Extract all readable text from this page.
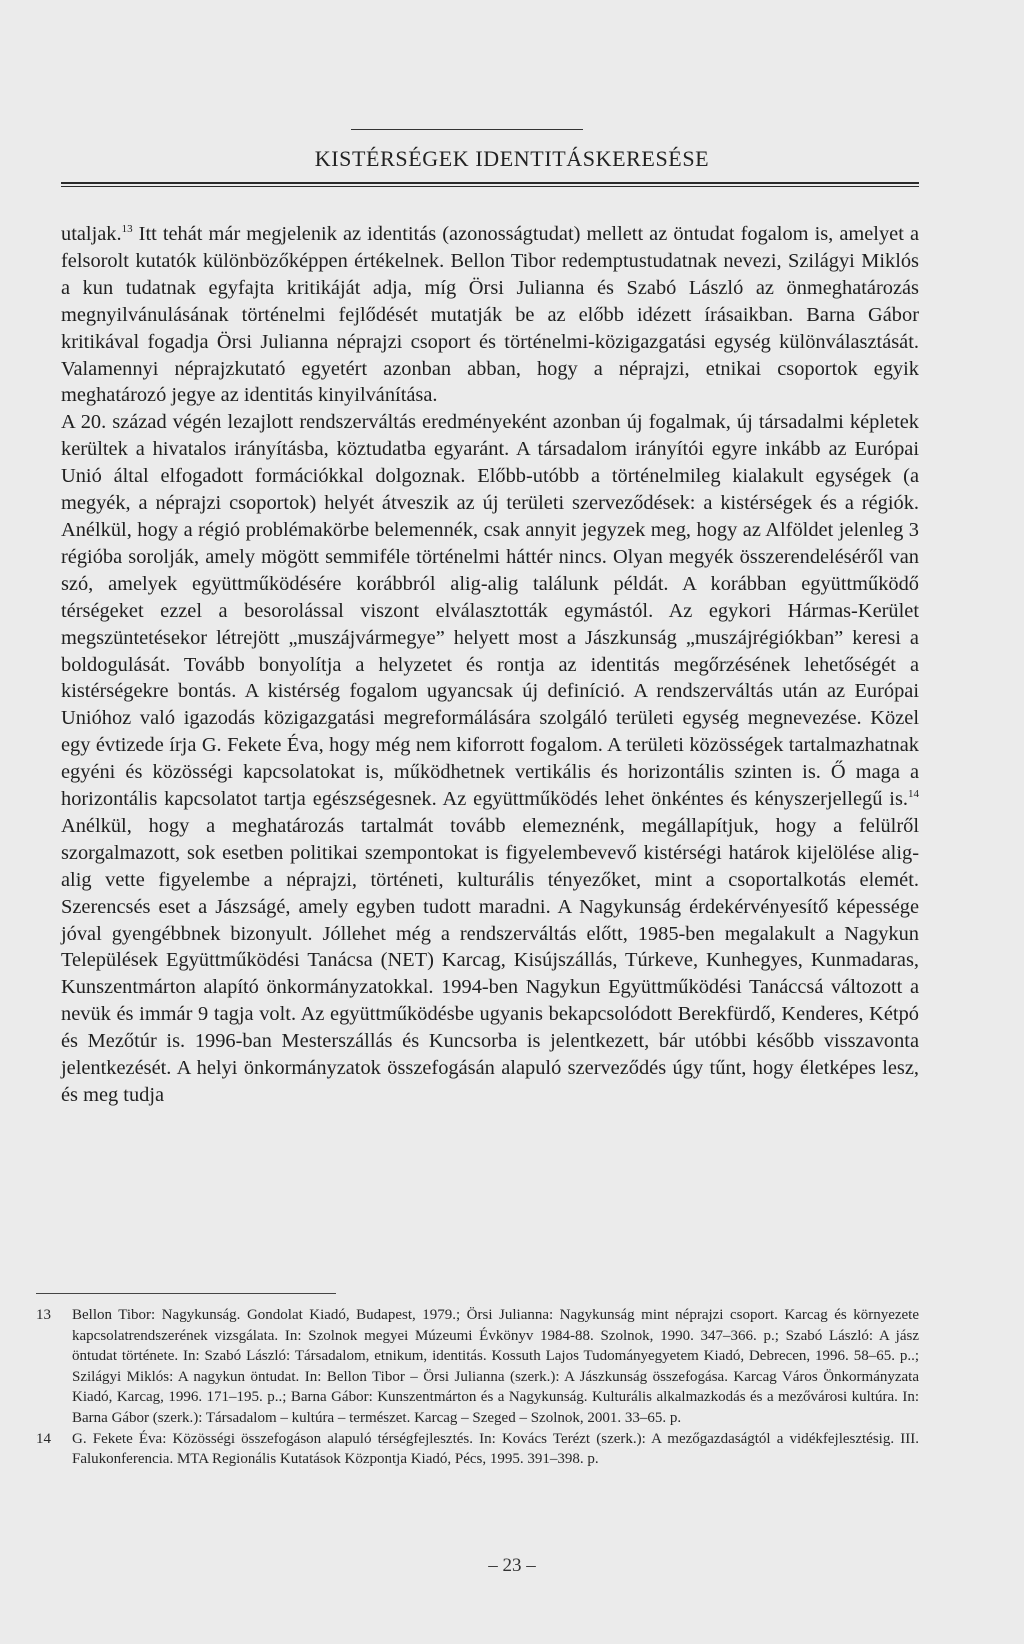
KISTÉRSÉGEK IDENTITÁSKERESÉSE

utaljak.$^{13}$ Itt tehát már megjelenik az identitás (azonosságtudat) mellett az öntudat fogalom is, amelyet a felsorolt kutatók különbözőképpen értékelnek. Bellon Tibor redemptustudatnak nevezi, Szilágyi Miklós a kun tudatnak egyfajta kritikáját adja, míg Örsi Julianna és Szabó László az önmeghatározás megnyilvánulásának történelmi fejlődését mutatják be az előbb idézett írásaikban. Barna Gábor kritikával fogadja Örsi Julianna néprajzi csoport és történelmi-közigazgatási egység különválasztását. Valamennyi néprajzkutató egyetért azonban abban, hogy a néprajzi, etnikai csoportok egyik meghatározó jegye az identitás kinyilvánítása.

A 20. század végén lezajlott rendszerváltás eredményeként azonban új fogalmak, új társadalmi képletek kerültek a hivatalos irányításba, köztudatba egyaránt. A társadalom irányítói egyre inkább az Európai Unió által elfogadott formációkkal dolgoznak. Előbb-utóbb a történelmileg kialakult egységek (a megyék, a néprajzi csoportok) helyét átveszik az új területi szerveződések: a kistérségek és a régiók. Anélkül, hogy a régió problémakörbe belemennék, csak annyit jegyzek meg, hogy az Alföldet jelenleg 3 régióba sorolják, amely mögött semmiféle történelmi háttér nincs. Olyan megyék összerendeléséről van szó, amelyek együttműködésére korábbról alig-alig találunk példát. A korábban együttműködő térségeket ezzel a besorolással viszont elválasztották egymástól. Az egykori Hármas-Kerület megszüntetésekor létrejött „muszájvármegye” helyett most a Jászkunság „muszájrégiókban” keresi a boldogulását. Tovább bonyolítja a helyzetet és rontja az identitás megőrzésének lehetőségét a kistérségekre bontás. A kistérség fogalom ugyancsak új definíció. A rendszerváltás után az Európai Unióhoz való igazodás közigazgatási megreformálására szolgáló területi egység megnevezése. Közel egy évtizede írja G. Fekete Éva, hogy még nem kiforrott fogalom. A területi közösségek tartalmazhatnak egyéni és közösségi kapcsolatokat is, működhetnek vertikális és horizontális szinten is. Ő maga a horizontális kapcsolatot tartja egészségesnek. Az együttműködés lehet önkéntes és kényszerjellegű is.$^{14}$ Anélkül, hogy a meghatározás tartalmát tovább elemeznénk, megállapítjuk, hogy a felülről szorgalmazott, sok esetben politikai szempontokat is figyelembevevő kistérségi határok kijelölése alig-alig vette figyelembe a néprajzi, történeti, kulturális tényezőket, mint a csoportalkotás elemét. Szerencsés eset a Jászságé, amely egyben tudott maradni. A Nagykunság érdekérvényesítő képessége jóval gyengébbnek bizonyult. Jóllehet még a rendszerváltás előtt, 1985-ben megalakult a Nagykun Települések Együttműködési Tanácsa (NET) Karcag, Kisújszállás, Túrkeve, Kunhegyes, Kunmadaras, Kunszentmárton alapító önkormányzatokkal. 1994-ben Nagykun Együttműködési Tanáccsá változott a nevük és immár 9 tagja volt. Az együttműködésbe ugyanis bekapcsolódott Berekfürdő, Kenderes, Kétpó és Mezőtúr is. 1996-ban Mesterszállás és Kuncsorba is jelentkezett, bár utóbbi később visszavonta jelentkezését. A helyi önkormányzatok összefogásán alapuló szerveződés úgy tűnt, hogy életképes lesz, és meg tudja

13	Bellon Tibor: Nagykunság. Gondolat Kiadó, Budapest, 1979.; Örsi Julianna: Nagykunság mint néprajzi csoport. Karcag és környezete kapcsolatrendszerének vizsgálata. In: Szolnok megyei Múzeumi Évkönyv 1984-88. Szolnok, 1990. 347–366. p.; Szabó László: A jász öntudat története. In: Szabó László: Társadalom, etnikum, identitás. Kossuth Lajos Tudományegyetem Kiadó, Debrecen, 1996. 58–65. p..; Szilágyi Miklós: A nagykun öntudat. In: Bellon Tibor – Örsi Julianna (szerk.): A Jászkunság összefogása. Karcag Város Önkormányzata Kiadó, Karcag, 1996. 171–195. p..; Barna Gábor: Kunszentmárton és a Nagykunság. Kulturális alkalmazkodás és a mezővárosi kultúra. In: Barna Gábor (szerk.): Társadalom – kultúra – természet. Karcag – Szeged – Szolnok, 2001. 33–65. p.
14	G. Fekete Éva: Közösségi összefogáson alapuló térségfejlesztés. In: Kovács Terézt (szerk.): A mezőgazdaságtól a vidékfejlesztésig. III. Falukonferencia. MTA Regionális Kutatások Központja Kiadó, Pécs, 1995. 391–398. p.
– 23 –
